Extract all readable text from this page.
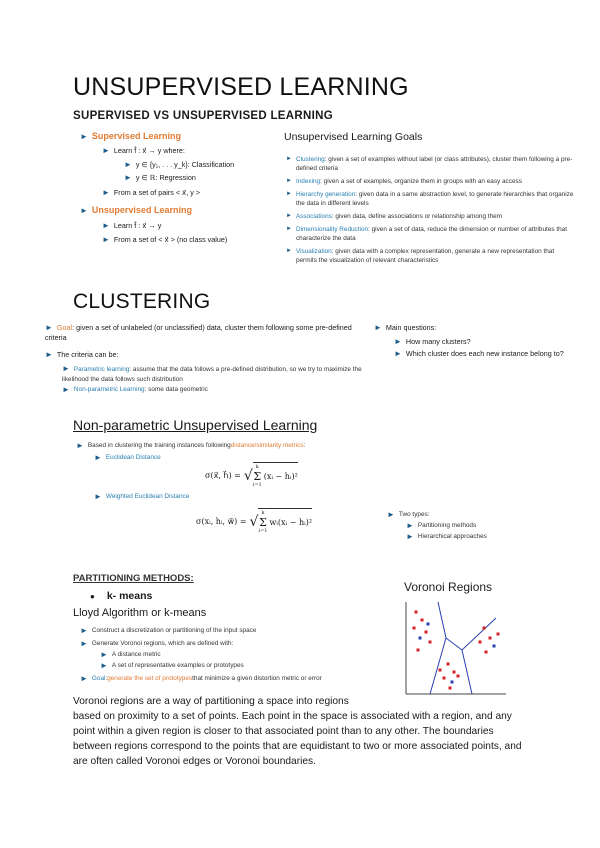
UNSUPERVISED LEARNING
SUPERVISED VS UNSUPERVISED LEARNING
► Supervised Learning
► Learn f̂ : x⃗ → y where:
► y ∈ {y₁, . . . y_k}: Classification
► y ∈ ℝ: Regression
► From a set of pairs < x⃗, y >
► Unsupervised Learning
► Learn f̂ : x⃗ → y
► From a set of < x⃗ > (no class value)
Unsupervised Learning Goals
► Clustering: given a set of examples without label (or class attributes), cluster them following a pre-defined criteria
► Indexing: given a set of examples, organize them in groups with an easy access
► Hierarchy generation: given data in a same abstraction level, to generate hierarchies that organize the data in different levels
► Associations: given data, define associations or relationship among them
► Dimensionality Reduction: given a set of data, reduce the dimension or number of attributes that characterize the data
► Visualization: given data with a complex representation, generate a new representation that permits the visualization of relevant characteristics
CLUSTERING
► Goal: given a set of unlabeled (or unclassified) data, cluster them following some pre-defined criteria
► The criteria can be:
► Parametric learning: assume that the data follows a pre-defined distribution, so we try to maximize the likelihood the data follows such distribution
► Non-parametric Learning : some data geometric
► Main questions:
► How many clusters?
► Which cluster does each new instance belong to?
Non-parametric Unsupervised Learning
► Based in clustering the training instances following distance/similarity metrics :
► Euclidean Distance
σ(x⃗, h⃗) = √
k
Σ
i=1
(xᵢ − hᵢ)²
► Weighted Euclidean Distance
σ(xᵢ, hᵢ, w⃗) = √
k
Σ
i=1
wᵢ(xᵢ − hᵢ)²
► Two types:
► Partitioning methods
► Hierarchical approaches
PARTITIONING METHODS:
● k- means
Lloyd Algorithm or k-means
► Construct a discretization or partitioning of the input space
► Generate Voronoi regions, which are defined with:
► A distance metric
► A set of representative examples or prototypes
► Goal : generate the set of prototypes that minimize a given distortion metric or error
Voronoi Regions
Voronoi regions are a way of partitioning a space into regions
based on proximity to a set of points. Each point in the space is associated with a region, and any point within a given region is closer to that associated point than to any other. The boundaries between regions correspond to the points that are equidistant to two or more associated points, and are often called Voronoi edges or Voronoi boundaries.
